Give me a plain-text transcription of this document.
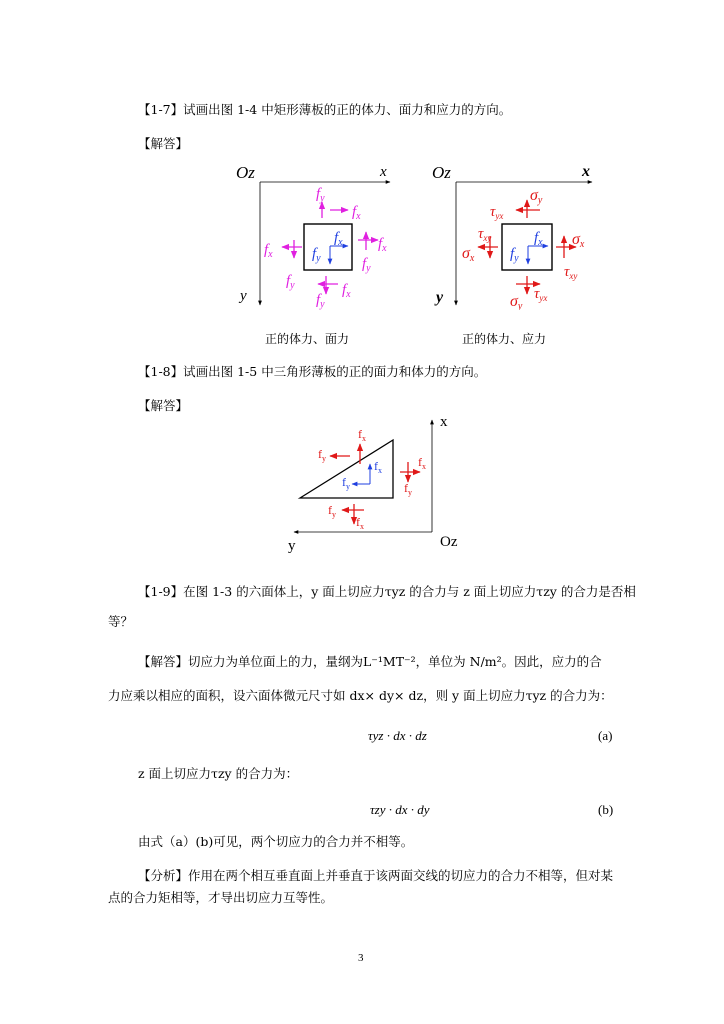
【1-7】试画出图 1-4 中矩形薄板的正的体力、面力和应力的方向。
【解答】
Oz	x
y
$f_x$
$f_y$
$f_y$
$f_x$
$f_x$
$f_y$
$f_x$
$f_y$
$f_y$
$f_x$
Oz	x
y
$f_x$
$f_y$
σy
$\tau_{yx}$
$\tau_{xy}$
σx
σx
$\tau_{xy}$
σy
$\tau_{yx}$
正的体力、面力	正的体力、应力
【1-8】试画出图 1-5 中三角形薄板的正的面力和体力的方向。
【解答】
x
y	Oz
$f_x$
$f_y$
$f_x$
$f_y$	$f_x$
$f_y$
$f_y$
$f_x$
【1-9】在图 1-3 的六面体上，y 面上切应力τyz 的合力与 z 面上切应力τzy 的合力是否相
等？
【解答】切应力为单位面上的力，量纲为L⁻¹MT⁻²，单位为 N/m²。因此，应力的合
力应乘以相应的面积，设六面体微元尺寸如 dx× dy× dz，则 y 面上切应力τyz 的合力为：
τyz · dx · dz	(a)
z 面上切应力τzy 的合力为：
τzy · dx · dy	(b)
由式（a）(b)可见，两个切应力的合力并不相等。
【分析】作用在两个相互垂直面上并垂直于该两面交线的切应力的合力不相等，但对某
点的合力矩相等，才导出切应力互等性。
3
